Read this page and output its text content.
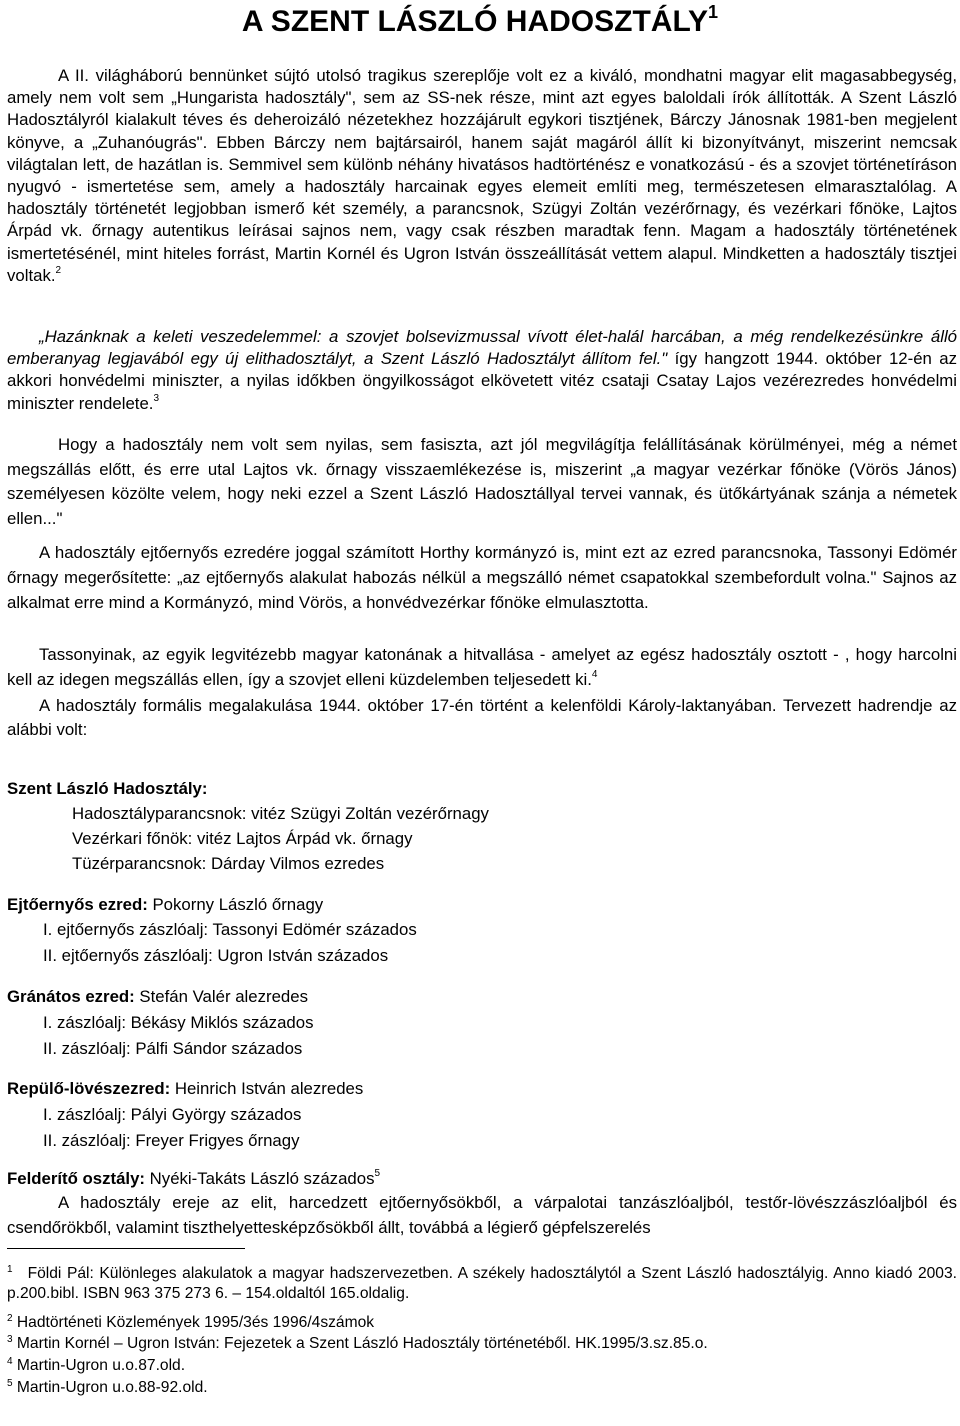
A SZENT LÁSZLÓ HADOSZTÁLY$^1$

A II. világháború bennünket sújtó utolsó tragikus szereplője volt ez a kiváló, mondhatni magyar elit magasabbegység, amely nem volt sem „Hungarista hadosztály", sem az SS-nek része, mint azt egyes baloldali írók állították. A Szent László Hadosztályról kialakult téves és deheroizáló nézetekhez hozzájárult egykori tisztjének, Bárczy Jánosnak 1981-ben megjelent könyve, a „Zuhanóugrás". Ebben Bárczy nem bajtársairól, hanem saját magáról állít ki bizonyítványt, miszerint nemcsak világtalan lett, de hazátlan is. Semmivel sem különb néhány hivatásos hadtörténész e vonatkozású - és a szovjet történetíráson nyugvó - ismertetése sem, amely a hadosztály harcainak egyes elemeit említi meg, természetesen elmarasztalólag. A hadosztály történetét legjobban ismerő két személy, a parancsnok, Szügyi Zoltán vezérőrnagy, és vezérkari főnöke, Lajtos Árpád vk. őrnagy autentikus leírásai sajnos nem, vagy csak részben maradtak fenn. Magam a hadosztály történetének ismertetésénél, mint hiteles forrást, Martin Kornél és Ugron István összeállítását vettem alapul. Mindketten a hadosztály tisztjei voltak.$^2$

„Hazánknak a keleti veszedelemmel: a szovjet bolsevizmussal vívott élet-halál harcában, a még rendelkezésünkre álló emberanyag legjavából egy új elithadosztályt, a Szent László Hadosztályt állítom fel." így hangzott 1944. október 12-én az akkori honvédelmi miniszter, a nyilas időkben öngyilkosságot elkövetett vitéz csataji Csatay Lajos vezérezredes honvédelmi miniszter rendelete.$^3$

Hogy a hadosztály nem volt sem nyilas, sem fasiszta, azt jól megvilágítja felállításának körülményei, még a német megszállás előtt, és erre utal Lajtos vk. őrnagy visszaemlékezése is, miszerint „a magyar vezérkar főnöke (Vörös János) személyesen közölte velem, hogy neki ezzel a Szent László Hadosztállyal tervei vannak, és ütőkártyának szánja a németek ellen..."

A hadosztály ejtőernyős ezredére joggal számított Horthy kormányzó is, mint ezt az ezred parancsnoka, Tassonyi Edömér őrnagy megerősítette: „az ejtőernyős alakulat habozás nélkül a megszálló német csapatokkal szembefordult volna." Sajnos az alkalmat erre mind a Kormányzó, mind Vörös, a honvédvezérkar főnöke elmulasztotta.

Tassonyinak, az egyik legvitézebb magyar katonának a hitvallása - amelyet az egész hadosztály osztott - , hogy harcolni kell az idegen megszállás ellen, így a szovjet elleni küzdelemben teljesedett ki.$^4$

A hadosztály formális megalakulása 1944. október 17-én történt a kelenföldi Károly-laktanyában. Tervezett hadrendje az alábbi volt:

Szent László Hadosztály:
Hadosztályparancsnok: vitéz Szügyi Zoltán vezérőrnagy
Vezérkari főnök: vitéz Lajtos Árpád vk. őrnagy
Tüzérparancsnok: Dárday Vilmos ezredes
Ejtőernyős ezred: Pokorny László őrnagy
I. ejtőernyős zászlóalj: Tassonyi Edömér százados
II. ejtőernyős zászlóalj: Ugron István százados
Gránátos ezred: Stefán Valér alezredes
I. zászlóalj: Békásy Miklós százados
II. zászlóalj: Pálfi Sándor százados
Repülő-lövészezred: Heinrich István alezredes
I. zászlóalj: Pályi György százados
II. zászlóalj: Freyer Frigyes őrnagy
Felderítő osztály: Nyéki-Takáts László százados$^5$

A hadosztály ereje az elit, harcedzett ejtőernyősökből, a várpalotai tanzászlóaljból, testőr-lövészzászlóaljból és csendőrökből, valamint tiszthelyettesképzősökből állt, továbbá a légierő gépfelszerelés

$^1$ Földi Pál: Különleges alakulatok a magyar hadszervezetben. A székely hadosztálytól a Szent László hadosztályig. Anno kiadó 2003. p.200.bibl. ISBN 963 375 273 6. – 154.oldaltól 165.oldalig.

$^2$ Hadtörténeti Közlemények 1995/3és 1996/4számok

$^3$ Martin Kornél – Ugron István: Fejezetek a Szent László Hadosztály történetéből. HK.1995/3.sz.85.o.

$^4$ Martin-Ugron u.o.87.old.

$^5$ Martin-Ugron u.o.88-92.old.
